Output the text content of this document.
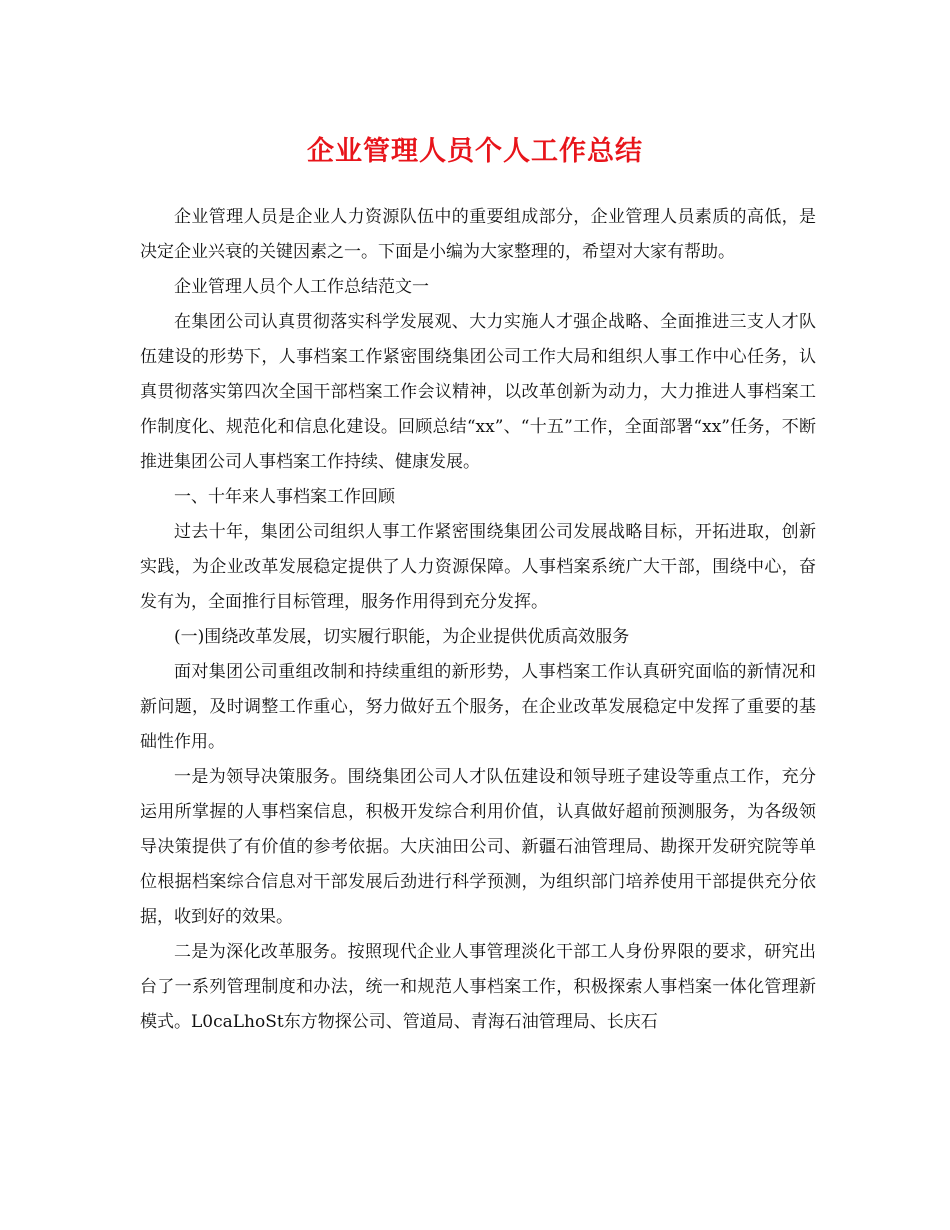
企业管理人员个人工作总结

企业管理人员是企业人力资源队伍中的重要组成部分，企业管理人员素质的高低，是决定企业兴衰的关键因素之一。下面是小编为大家整理的，希望对大家有帮助。

企业管理人员个人工作总结范文一

在集团公司认真贯彻落实科学发展观、大力实施人才强企战略、全面推进三支人才队伍建设的形势下，人事档案工作紧密围绕集团公司工作大局和组织人事工作中心任务，认真贯彻落实第四次全国干部档案工作会议精神，以改革创新为动力，大力推进人事档案工作制度化、规范化和信息化建设。回顾总结“xx”、“十五”工作，全面部署“xx”任务，不断推进集团公司人事档案工作持续、健康发展。

一、十年来人事档案工作回顾

过去十年，集团公司组织人事工作紧密围绕集团公司发展战略目标，开拓进取，创新实践，为企业改革发展稳定提供了人力资源保障。人事档案系统广大干部，围绕中心，奋发有为，全面推行目标管理，服务作用得到充分发挥。

(一)围绕改革发展，切实履行职能，为企业提供优质高效服务

面对集团公司重组改制和持续重组的新形势，人事档案工作认真研究面临的新情况和新问题，及时调整工作重心，努力做好五个服务，在企业改革发展稳定中发挥了重要的基础性作用。

一是为领导决策服务。围绕集团公司人才队伍建设和领导班子建设等重点工作，充分运用所掌握的人事档案信息，积极开发综合利用价值，认真做好超前预测服务，为各级领导决策提供了有价值的参考依据。大庆油田公司、新疆石油管理局、勘探开发研究院等单位根据档案综合信息对干部发展后劲进行科学预测，为组织部门培养使用干部提供充分依据，收到好的效果。

二是为深化改革服务。按照现代企业人事管理淡化干部工人身份界限的要求，研究出台了一系列管理制度和办法，统一和规范人事档案工作，积极探索人事档案一体化管理新模式。L0caLhoSt东方物探公司、管道局、青海石油管理局、长庆石
